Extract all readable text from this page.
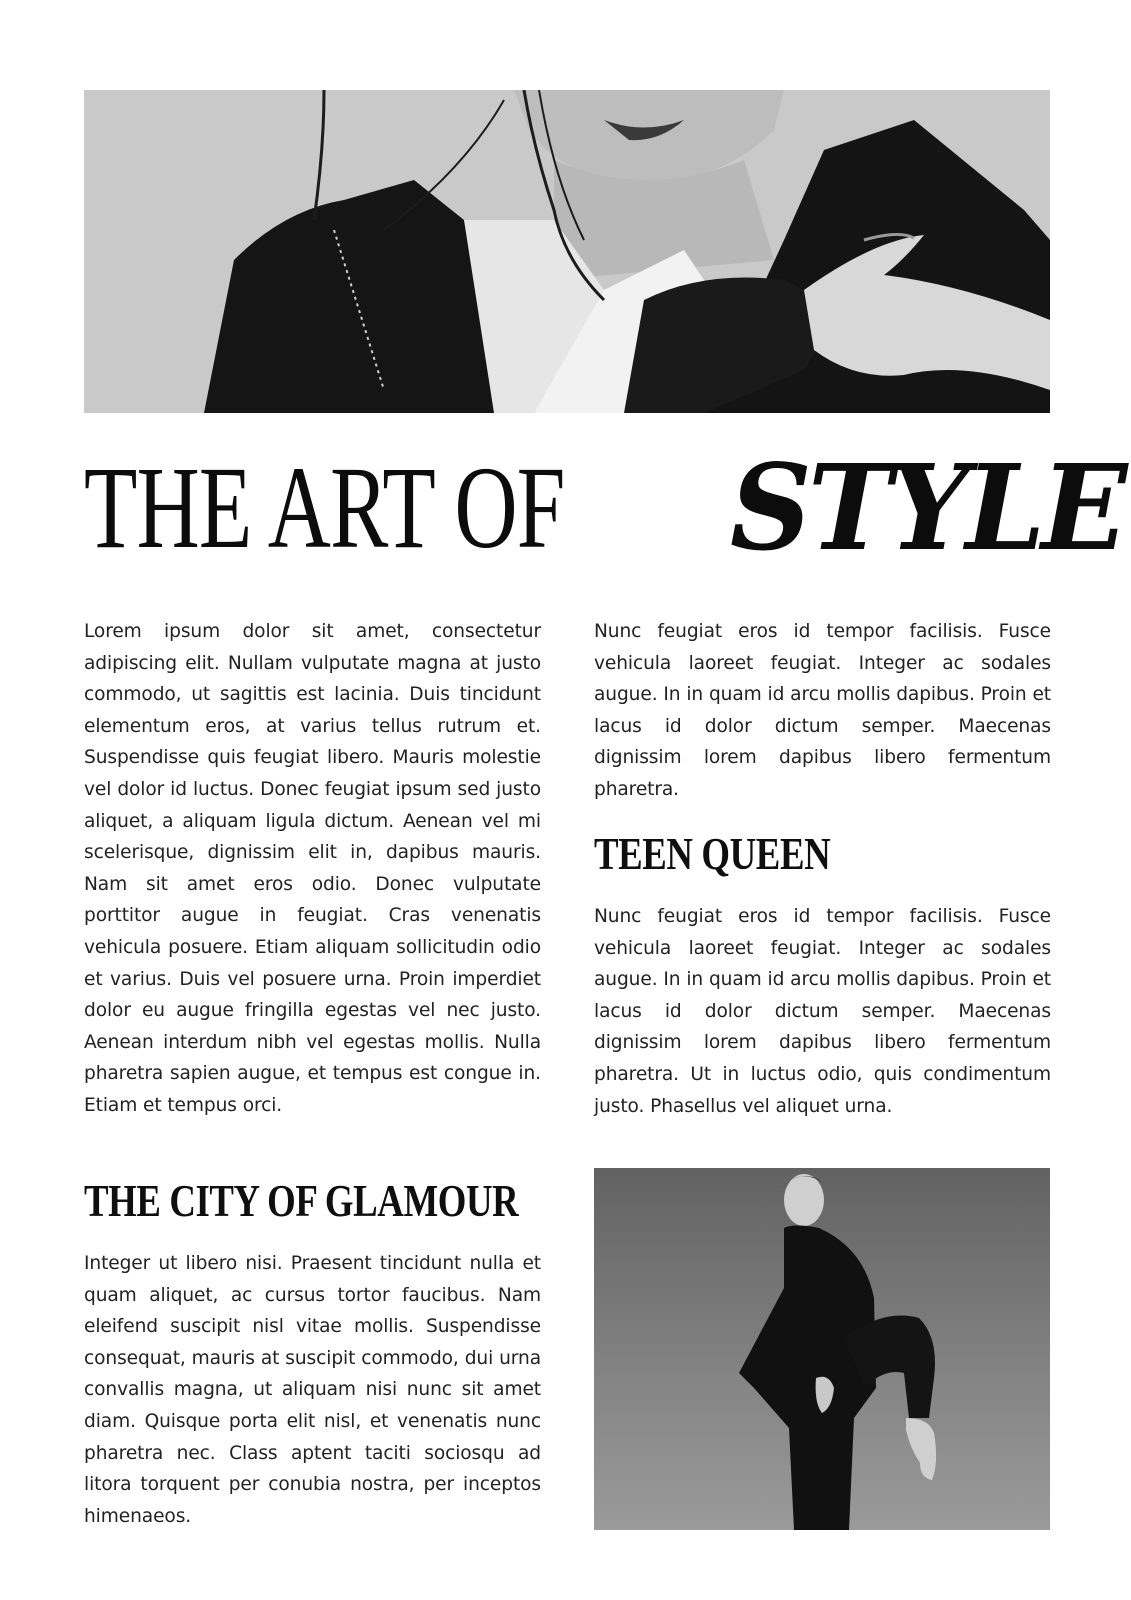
THE ART OF STYLE

Lorem ipsum dolor sit amet, consectetur adipiscing elit. Nullam vulputate magna at justo commodo, ut sagittis est lacinia. Duis tincidunt elementum eros, at varius tellus rutrum et. Suspendisse quis feugiat libero. Mauris molestie vel dolor id luctus. Donec feugiat ipsum sed justo aliquet, a aliquam ligula dictum. Aenean vel mi scelerisque, dignissim elit in, dapibus mauris. Nam sit amet eros odio. Donec vulputate porttitor augue in feugiat. Cras venenatis vehicula posuere. Etiam aliquam sollicitudin odio et varius. Duis vel posuere urna. Proin imperdiet dolor eu augue fringilla egestas vel nec justo. Aenean interdum nibh vel egestas mollis. Nulla pharetra sapien augue, et tempus est congue in. Etiam et tempus orci.

THE CITY OF GLAMOUR

Integer ut libero nisi. Praesent tincidunt nulla et quam aliquet, ac cursus tortor faucibus. Nam eleifend suscipit nisl vitae mollis. Suspendisse consequat, mauris at suscipit commodo, dui urna convallis magna, ut aliquam nisi nunc sit amet diam. Quisque porta elit nisl, et venenatis nunc pharetra nec. Class aptent taciti sociosqu ad litora torquent per conubia nostra, per inceptos himenaeos.

Nunc feugiat eros id tempor facilisis. Fusce vehicula laoreet feugiat. Integer ac sodales augue. In in quam id arcu mollis dapibus. Proin et lacus id dolor dictum semper. Maecenas dignissim lorem dapibus libero fermentum pharetra.

TEEN QUEEN

Nunc feugiat eros id tempor facilisis. Fusce vehicula laoreet feugiat. Integer ac sodales augue. In in quam id arcu mollis dapibus. Proin et lacus id dolor dictum semper. Maecenas dignissim lorem dapibus libero fermentum pharetra. Ut in luctus odio, quis condimentum justo. Phasellus vel aliquet urna.
